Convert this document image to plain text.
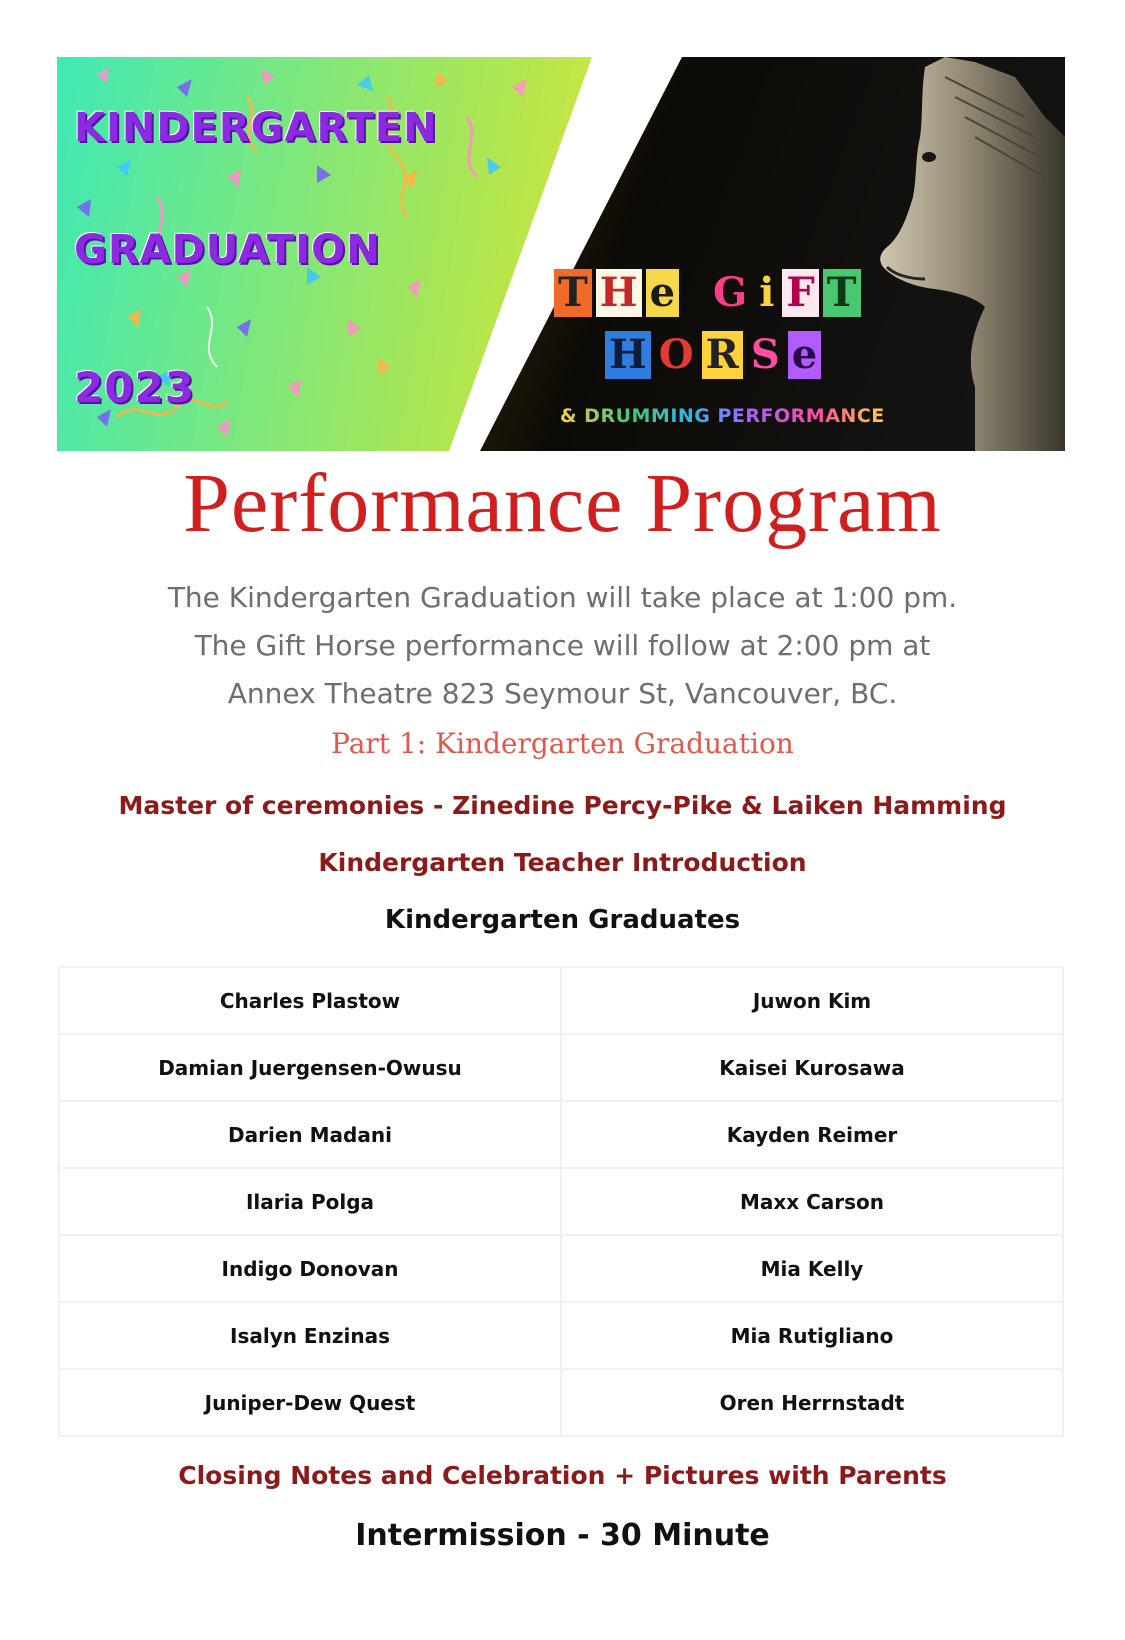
KINDERGARTEN
GRADUATION
2023
T H e G i F T
H O R S e
& DRUMMING PERFORMANCE
Performance Program
The Kindergarten Graduation will take place at 1:00 pm.
The Gift Horse performance will follow at 2:00 pm at
Annex Theatre 823 Seymour St, Vancouver, BC.
Part 1: Kindergarten Graduation
Master of ceremonies - Zinedine Percy-Pike & Laiken Hamming
Kindergarten Teacher Introduction
Kindergarten Graduates
Charles Plastow	Juwon Kim
Damian Juergensen-Owusu	Kaisei Kurosawa
Darien Madani	Kayden Reimer
Ilaria Polga	Maxx Carson
Indigo Donovan	Mia Kelly
Isalyn Enzinas	Mia Rutigliano
Juniper-Dew Quest	Oren Herrnstadt
Closing Notes and Celebration + Pictures with Parents
Intermission - 30 Minute
